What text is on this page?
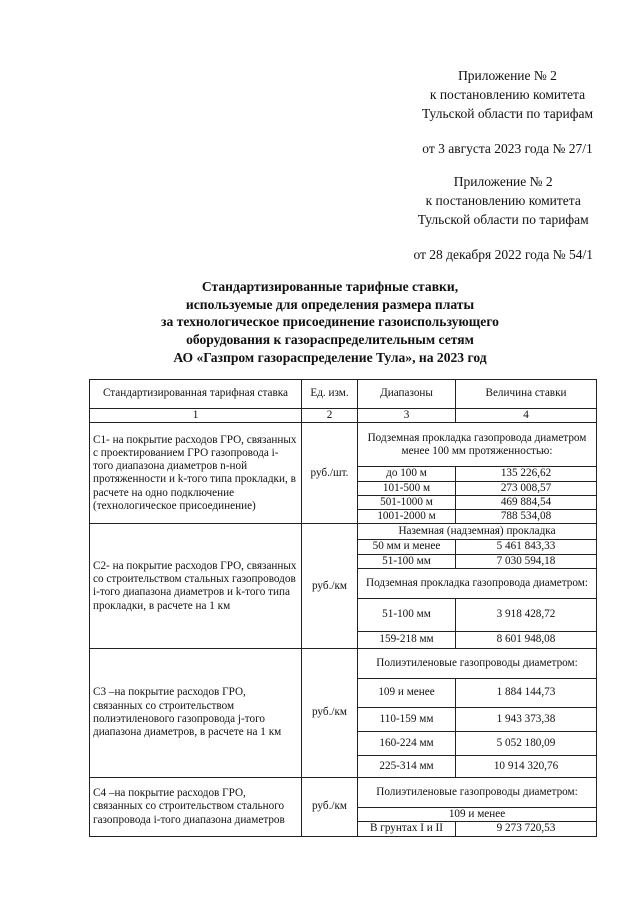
Приложение № 2
к постановлению комитета
Тульской области по тарифам
от 3 августа 2023 года № 27/1
Приложение № 2
к постановлению комитета
Тульской области по тарифам
от 28 декабря 2022 года № 54/1
Стандартизированные тарифные ставки,
используемые для определения размера платы
за технологическое присоединение газоиспользующего
оборудования к газораспределительным сетям
АО «Газпром газораспределение Тула», на 2023 год
Стандартизированная тарифная ставка	Ед. изм.	Диапазоны	Величина ставки
1	2	3	4
С1- на покрытие расходов ГРО, связанных с проектированием ГРО газопровода i-того диапазона диаметров n-ной протяженности и k-того типа прокладки, в расчете на одно подключение (технологическое присоединение)	руб./шт.	Подземная прокладка газопровода диаметром менее 100 мм протяженностью:	
		до 100 м	135 226,62
		101-500 м	273 008,57
		501-1000 м	469 884,54
		1001-2000 м	788 534,08
С2- на покрытие расходов ГРО, связанных со строительством стальных газопроводов i-того диапазона диаметров и k-того типа прокладки, в расчете на 1 км	руб./км	Наземная (надземная) прокладка	
		50 мм и менее	5 461 843,33
		51-100 мм	7 030 594,18
		Подземная прокладка газопровода диаметром:	
		51-100 мм	3 918 428,72
		159-218 мм	8 601 948,08
С3 –на покрытие расходов ГРО, связанных со строительством полиэтиленового газопровода j-того диапазона диаметров, в расчете на 1 км	руб./км	Полиэтиленовые газопроводы диаметром:	
		109 и менее	1 884 144,73
		110-159 мм	1 943 373,38
		160-224 мм	5 052 180,09
		225-314 мм	10 914 320,76
С4 –на покрытие расходов ГРО, связанных со строительством стального газопровода i-того диапазона диаметров	руб./км	Полиэтиленовые газопроводы диаметром:	
		109 и менее	
		В грунтах I и II	9 273 720,53
